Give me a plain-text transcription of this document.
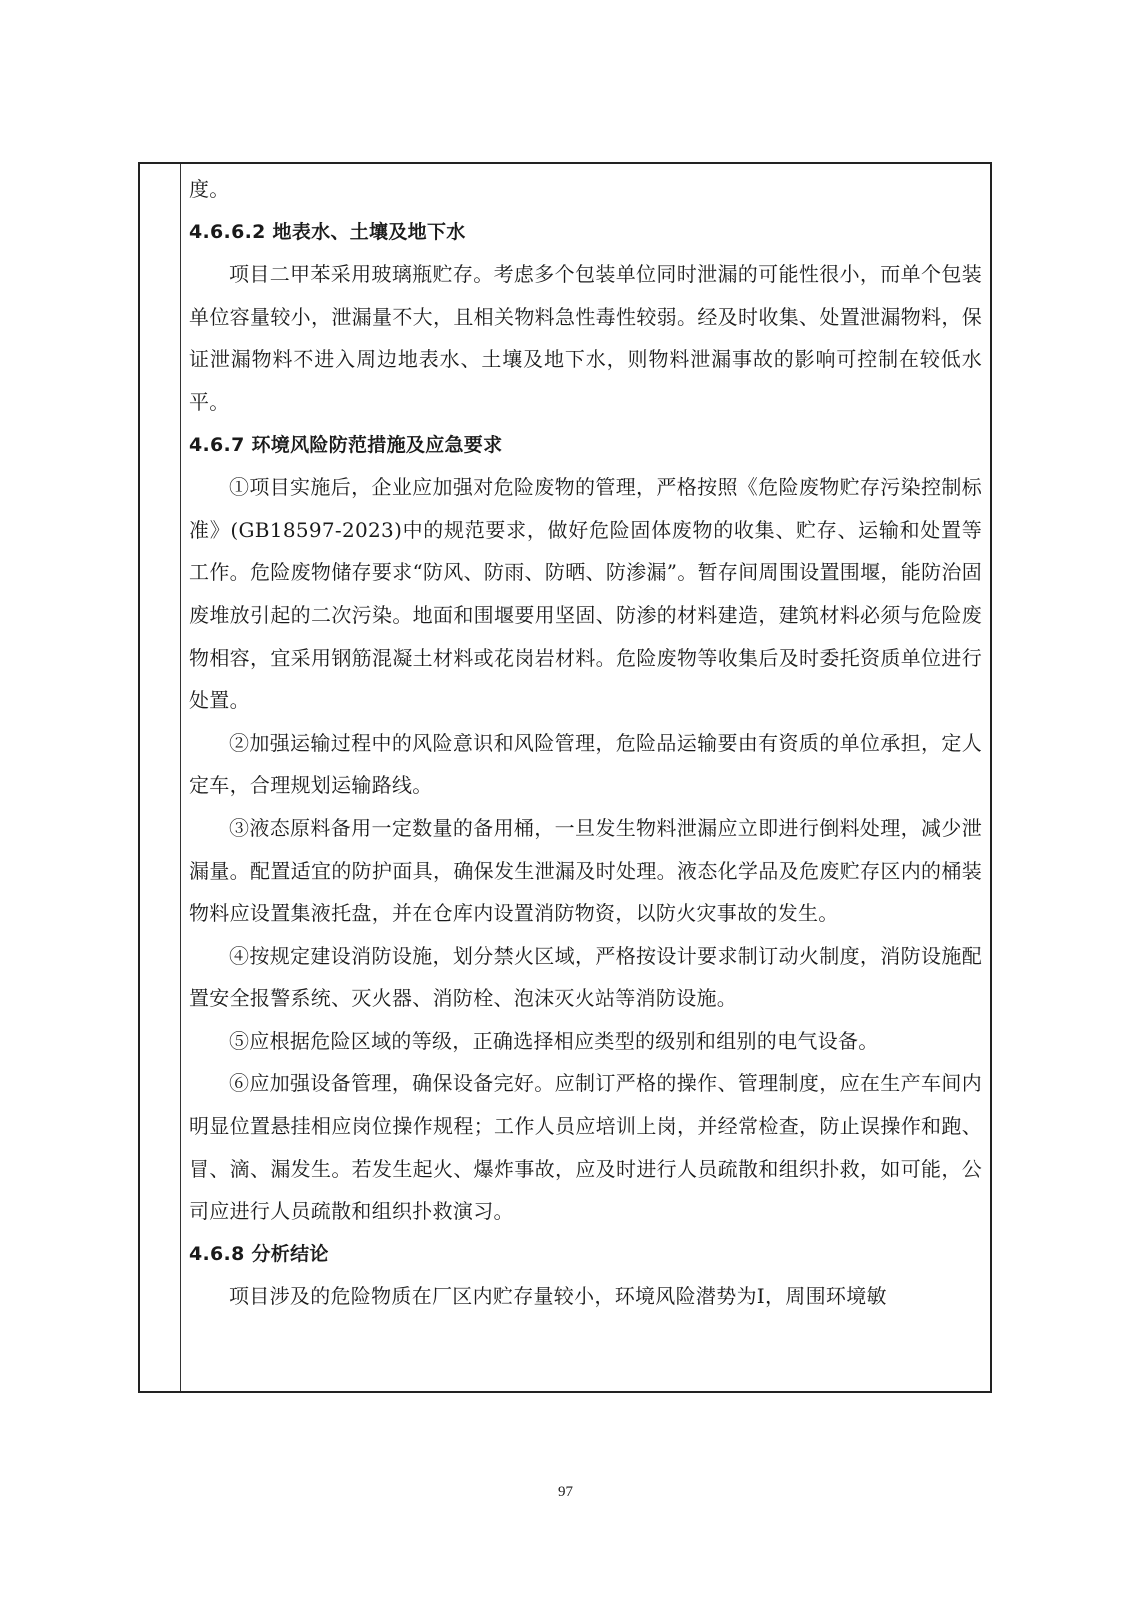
度。

4.6.6.2 地表水、土壤及地下水

项目二甲苯采用玻璃瓶贮存。考虑多个包装单位同时泄漏的可能性很小，而单个包装单位容量较小，泄漏量不大，且相关物料急性毒性较弱。经及时收集、处置泄漏物料，保证泄漏物料不进入周边地表水、土壤及地下水，则物料泄漏事故的影响可控制在较低水平。

4.6.7 环境风险防范措施及应急要求

①项目实施后，企业应加强对危险废物的管理，严格按照《危险废物贮存污染控制标准》(GB18597-2023)中的规范要求，做好危险固体废物的收集、贮存、运输和处置等工作。危险废物储存要求“防风、防雨、防晒、防渗漏”。暂存间周围设置围堰，能防治固废堆放引起的二次污染。地面和围堰要用坚固、防渗的材料建造，建筑材料必须与危险废物相容，宜采用钢筋混凝土材料或花岗岩材料。危险废物等收集后及时委托资质单位进行处置。

②加强运输过程中的风险意识和风险管理，危险品运输要由有资质的单位承担，定人定车，合理规划运输路线。

③液态原料备用一定数量的备用桶，一旦发生物料泄漏应立即进行倒料处理，减少泄漏量。配置适宜的防护面具，确保发生泄漏及时处理。液态化学品及危废贮存区内的桶装物料应设置集液托盘，并在仓库内设置消防物资，以防火灾事故的发生。

④按规定建设消防设施，划分禁火区域，严格按设计要求制订动火制度，消防设施配置安全报警系统、灭火器、消防栓、泡沫灭火站等消防设施。

⑤应根据危险区域的等级，正确选择相应类型的级别和组别的电气设备。

⑥应加强设备管理，确保设备完好。应制订严格的操作、管理制度，应在生产车间内明显位置悬挂相应岗位操作规程；工作人员应培训上岗，并经常检查，防止误操作和跑、冒、滴、漏发生。若发生起火、爆炸事故，应及时进行人员疏散和组织扑救，如可能，公司应进行人员疏散和组织扑救演习。

4.6.8 分析结论

项目涉及的危险物质在厂区内贮存量较小，环境风险潜势为I，周围环境敏

97
